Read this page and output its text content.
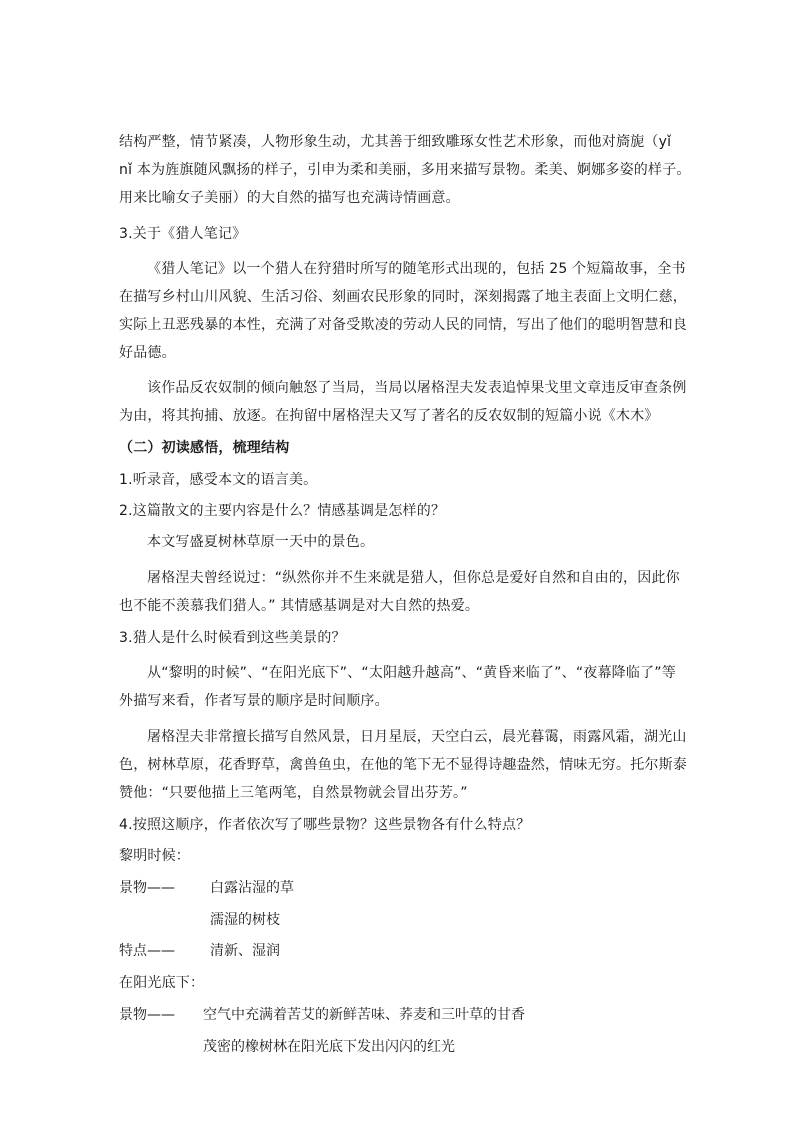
结构严整，情节紧凑，人物形象生动，尤其善于细致雕琢女性艺术形象，而他对旖旎（yǐ
nǐ 本为旌旗随风飘扬的样子，引申为柔和美丽，多用来描写景物。柔美、婀娜多姿的样子。
用来比喻女子美丽）的大自然的描写也充满诗情画意。
3.关于《猎人笔记》
《猎人笔记》以一个猎人在狩猎时所写的随笔形式出现的，包括 25 个短篇故事，全书
在描写乡村山川风貌、生活习俗、刻画农民形象的同时，深刻揭露了地主表面上文明仁慈，
实际上丑恶残暴的本性，充满了对备受欺凌的劳动人民的同情，写出了他们的聪明智慧和良
好品德。
该作品反农奴制的倾向触怒了当局，当局以屠格涅夫发表追悼果戈里文章违反审查条例
为由，将其拘捕、放逐。在拘留中屠格涅夫又写了著名的反农奴制的短篇小说《木木》
（二）初读感悟，梳理结构
1.听录音，感受本文的语言美。
2.这篇散文的主要内容是什么？情感基调是怎样的？
本文写盛夏树林草原一天中的景色。
屠格涅夫曾经说过：“纵然你并不生来就是猎人，但你总是爱好自然和自由的，因此你
也不能不羡慕我们猎人。” 其情感基调是对大自然的热爱。
3.猎人是什么时候看到这些美景的？
从“黎明的时候”、“在阳光底下”、“太阳越升越高”、“黄昏来临了”、“夜幕降临了”等
外描写来看，作者写景的顺序是时间顺序。
屠格涅夫非常擅长描写自然风景，日月星辰，天空白云，晨光暮霭，雨露风霜，湖光山
色，树林草原，花香野草，禽兽鱼虫，在他的笔下无不显得诗趣盎然，情味无穷。托尔斯泰
赞他：“只要他描上三笔两笔，自然景物就会冒出芬芳。”
4.按照这顺序，作者依次写了哪些景物？这些景物各有什么特点？
黎明时候：
景物——	白露沾湿的草
濡湿的树枝
特点——	清新、湿润
在阳光底下：
景物—— 空气中充满着苦艾的新鲜苦味、荞麦和三叶草的甘香
茂密的橡树林在阳光底下发出闪闪的红光
